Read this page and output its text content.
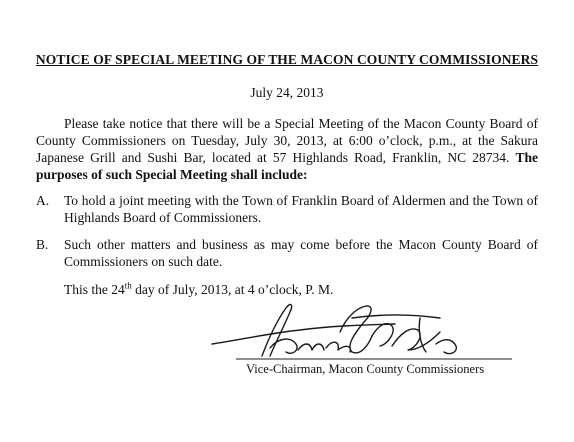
NOTICE OF SPECIAL MEETING OF THE MACON COUNTY COMMISSIONERS
July 24, 2013

Please take notice that there will be a Special Meeting of the Macon County Board of County Commissioners on Tuesday, July 30, 2013, at 6:00 o’clock, p.m., at the Sakura Japanese Grill and Sushi Bar, located at 57 Highlands Road, Franklin, NC 28734. The purposes of such Special Meeting shall include:

A. To hold a joint meeting with the Town of Franklin Board of Aldermen and the Town of Highlands Board of Commissioners.
B. Such other matters and business as may come before the Macon County Board of Commissioners on such date.
This the 24th day of July, 2013, at 4 o’clock, P. M.
Vice-Chairman, Macon County Commissioners
